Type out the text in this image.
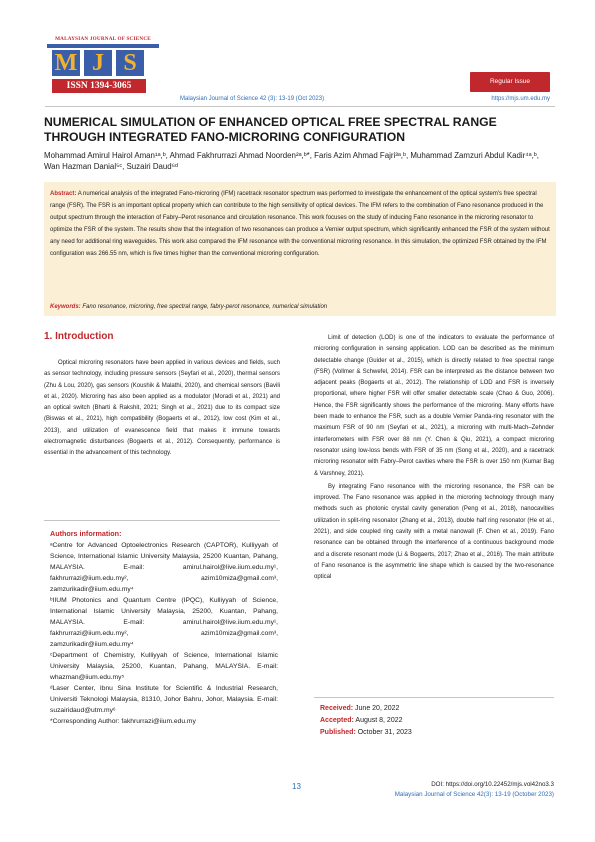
MALAYSIAN JOURNAL OF SCIENCE
M J S
ISSN 1394-3065	Regular Issue
Malaysian Journal of Science 42 (3): 13-19 (Oct 2023)	https://mjs.um.edu.my
NUMERICAL SIMULATION OF ENHANCED OPTICAL FREE SPECTRAL RANGE THROUGH INTEGRATED FANO-MICRORING CONFIGURATION
Mohammad Amirul Hairol Aman¹ᵃ,ᵇ, Ahmad Fakhrurrazi Ahmad Noorden²ᵃ,ᵇ*, Faris Azim Ahmad Fajri³ᵃ,ᵇ, Muhammad Zamzuri Abdul Kadir⁴ᵃ,ᵇ, Wan Hazman Danial⁵ᶜ, Suzairi Daud⁶ᵈ
Abstract: A numerical analysis of the integrated Fano-microring (IFM) racetrack resonator spectrum was performed to investigate the enhancement of the optical system's free spectral range (FSR). The FSR is an important optical property which can contribute to the high sensitivity of optical devices. The IFM refers to the combination of Fano resonance produced in the output spectrum through the interaction of Fabry–Perot resonance and circulation resonance. This work focuses on the study of inducing Fano resonance in the microring resonator to optimize the FSR of the system. The results show that the integration of two resonances can produce a Vernier output spectrum, which significantly enhanced the FSR of the system without any need for additional ring waveguides. This work also compared the IFM resonance with the conventional microring resonance. In this simulation, the optimized FSR obtained by the IFM configuration was 266.55 nm, which is five times higher than the conventional microring configuration.
Keywords: Fano resonance, microring, free spectral range, fabry-perot resonance, numerical simulation
1. Introduction

Optical microring resonators have been applied in various devices and fields, such as sensor technology, including pressure sensors (Seyfari et al., 2020), thermal sensors (Zhu & Lou, 2020), gas sensors (Koushik & Malathi, 2020), and chemical sensors (Bavili et al., 2020). Microring has also been applied as a modulator (Moradi et al., 2021) and an optical switch (Bharti & Rakshit, 2021; Singh et al., 2021) due to its compact size (Biswas et al., 2021), high compatibility (Bogaerts et al., 2012), low cost (Kim et al., 2013), and utilization of evanescence field that makes it immune towards electromagnetic disturbances (Bogaerts et al., 2012). Consequently, performance is essential in the advancement of this technology.

Authors information:

ᵃCentre for Advanced Optoelectronics Research (CAPTOR), Kulliyyah of Science, International Islamic University Malaysia, 25200 Kuantan, Pahang, MALAYSIA. E-mail: amirul.hairol@live.iium.edu.my¹, fakhrurrazi@iium.edu.my², azim10miza@gmail.com³, zamzurikadir@iium.edu.my⁴

ᵇIIUM Photonics and Quantum Centre (IPQC), Kulliyyah of Science, International Islamic University Malaysia, 25200, Kuantan, Pahang, MALAYSIA. E-mail: amirul.hairol@live.iium.edu.my¹, fakhrurrazi@iium.edu.my², azim10miza@gmail.com³, zamzurikadir@iium.edu.my⁴

ᶜDepartment of Chemistry, Kulliyyah of Science, International Islamic University Malaysia, 25200, Kuantan, Pahang, MALAYSIA. E-mail: whazman@iium.edu.my⁵

ᵈLaser Center, Ibnu Sina Institute for Scientific & Industrial Research, Universiti Teknologi Malaysia, 81310, Johor Bahru, Johor, Malaysia. E-mail: suzairidaud@utm.my⁶

*Corresponding Author: fakhrurrazi@iium.edu.my

Limit of detection (LOD) is one of the indicators to evaluate the performance of microring configuration in sensing application. LOD can be described as the minimum detectable change (Guider et al., 2015), which is directly related to free spectral range (FSR) (Vollmer & Schwefel, 2014). FSR can be interpreted as the distance between two adjacent peaks (Bogaerts et al., 2012). The relationship of LOD and FSR is inversely proportional, where higher FSR will offer smaller detectable scale (Chao & Guo, 2006). Hence, the FSR significantly shows the performance of the microring. Many efforts have been made to enhance the FSR, such as a double Vernier Panda-ring resonator with the maximum FSR of 90 nm (Seyfari et al., 2021), a microring with multi-Mach–Zehnder interferometers with FSR over 88 nm (Y. Chen & Qiu, 2021), a compact microring resonator using low-loss bends with FSR of 35 nm (Song et al., 2020), and a racetrack microring resonator with Fabry–Perot cavities where the FSR is over 150 nm (Kumar Bag & Varshney, 2021).

By integrating Fano resonance with the microring resonance, the FSR can be improved. The Fano resonance was applied in the microring technology through many methods such as photonic crystal cavity generation (Peng et al., 2018), nanocavities utilization in split-ring resonator (Zhang et al., 2013), double half ring resonator (He et al., 2021), and side coupled ring cavity with a metal nanowall (F. Chen et al., 2019). Fano resonance can be obtained through the interference of a continuous background mode and a discrete resonant mode (Li & Bogaerts, 2017; Zhao et al., 2016). The main attribute of Fano resonance is the asymmetric line shape which is caused by the two-resonance optical

Received: June 20, 2022
Accepted: August 8, 2022
Published: October 31, 2023
13	DOI: https://doi.org/10.22452/mjs.vol42no3.3
Malaysian Journal of Science 42(3): 13-19 (October 2023)
